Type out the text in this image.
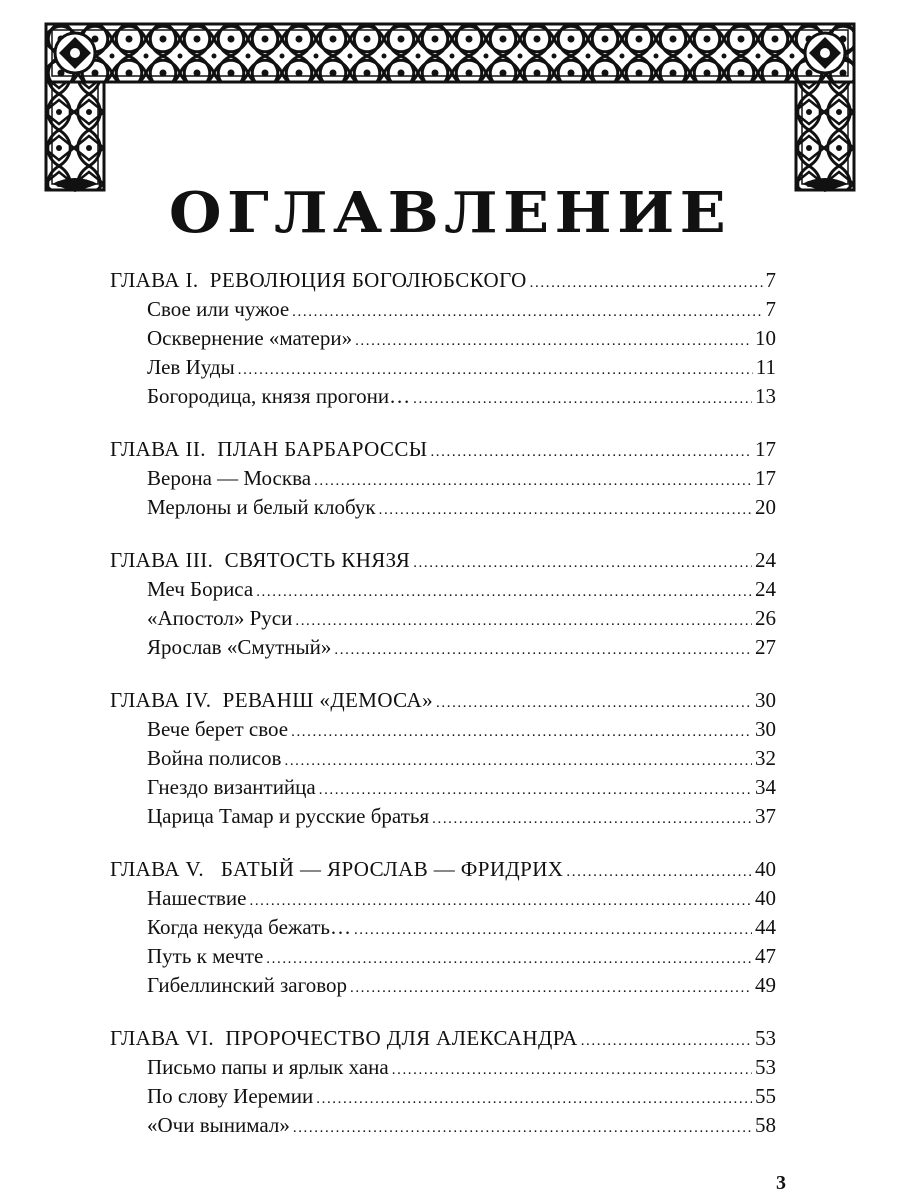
ОГЛАВЛЕНИЕ
ГЛАВА I.  РЕВОЛЮЦИЯ БОГОЛЮБСКОГО .....	7
Свое или чужое .....	7
Осквернение «матери» .....	10
Лев Иуды .....	11
Богородица, князя прогони… .....	13
ГЛАВА II.  ПЛАН БАРБАРОССЫ .....	17
Верона — Москва .....	17
Мерлоны и белый клобук .....	20
ГЛАВА III.  СВЯТОСТЬ КНЯЗЯ .....	24
Меч Бориса .....	24
«Апостол» Руси .....	26
Ярослав «Смутный» .....	27
ГЛАВА IV.  РЕВАНШ «ДЕМОСА» .....	30
Вече берет свое .....	30
Война полисов .....	32
Гнездо византийца .....	34
Царица Тамар и русские братья .....	37
ГЛАВА V.   БАТЫЙ — ЯРОСЛАВ — ФРИДРИХ .....	40
Нашествие .....	40
Когда некуда бежать… .....	44
Путь к мечте .....	47
Гибеллинский заговор .....	49
ГЛАВА VI.  ПРОРОЧЕСТВО ДЛЯ АЛЕКСАНДРА .....	53
Письмо папы и ярлык хана .....	53
По слову Иеремии .....	55
«Очи вынимал» .....	58
3
